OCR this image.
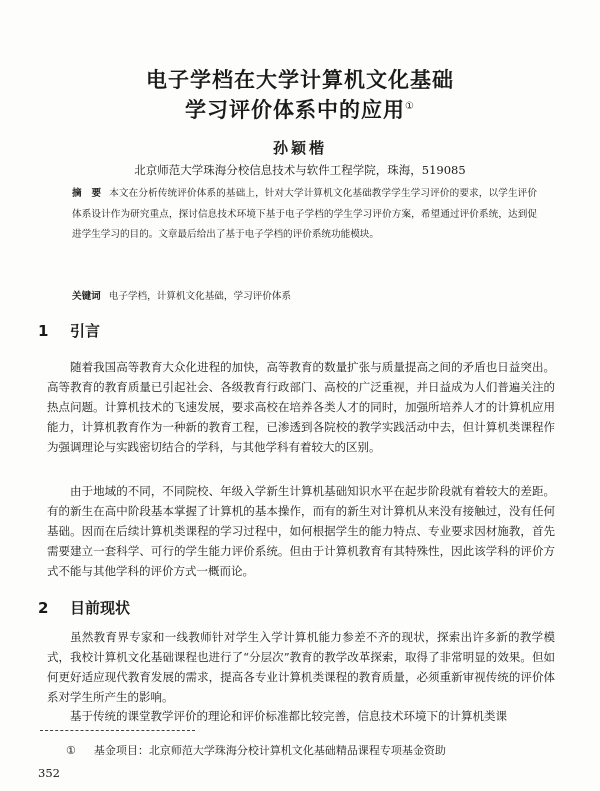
电子学档在大学计算机文化基础
学习评价体系中的应用①
孙颖楷
北京师范大学珠海分校信息技术与软件工程学院，珠海，519085
摘　要 本文在分析传统评价体系的基础上，针对大学计算机文化基础教学学生学习评价的要求，以学生评价体系设计作为研究重点，探讨信息技术环境下基于电子学档的学生学习评价方案，希望通过评价系统，达到促进学生学习的目的。文章最后给出了基于电子学档的评价系统功能模块。
关键词 电子学档，计算机文化基础，学习评价体系
1 引言
随着我国高等教育大众化进程的加快，高等教育的数量扩张与质量提高之间的矛盾也日益突出。高等教育的教育质量已引起社会、各级教育行政部门、高校的广泛重视，并日益成为人们普遍关注的热点问题。计算机技术的飞速发展，要求高校在培养各类人才的同时，加强所培养人才的计算机应用能力，计算机教育作为一种新的教育工程，已渗透到各院校的教学实践活动中去，但计算机类课程作为强调理论与实践密切结合的学科，与其他学科有着较大的区别。
由于地域的不同，不同院校、年级入学新生计算机基础知识水平在起步阶段就有着较大的差距。有的新生在高中阶段基本掌握了计算机的基本操作，而有的新生对计算机从来没有接触过，没有任何基础。因而在后续计算机类课程的学习过程中，如何根据学生的能力特点、专业要求因材施教，首先需要建立一套科学、可行的学生能力评价系统。但由于计算机教育有其特殊性，因此该学科的评价方式不能与其他学科的评价方式一概而论。
2 目前现状
虽然教育界专家和一线教师针对学生入学计算机能力参差不齐的现状，探索出许多新的教学模式，我校计算机文化基础课程也进行了“分层次”教育的教学改革探索，取得了非常明显的效果。但如何更好适应现代教育发展的需求，提高各专业计算机类课程的教育质量，必须重新审视传统的评价体系对学生所产生的影响。
基于传统的课堂教学评价的理论和评价标准都比较完善，信息技术环境下的计算机类课
① 基金项目：北京师范大学珠海分校计算机文化基础精品课程专项基金资助
352
